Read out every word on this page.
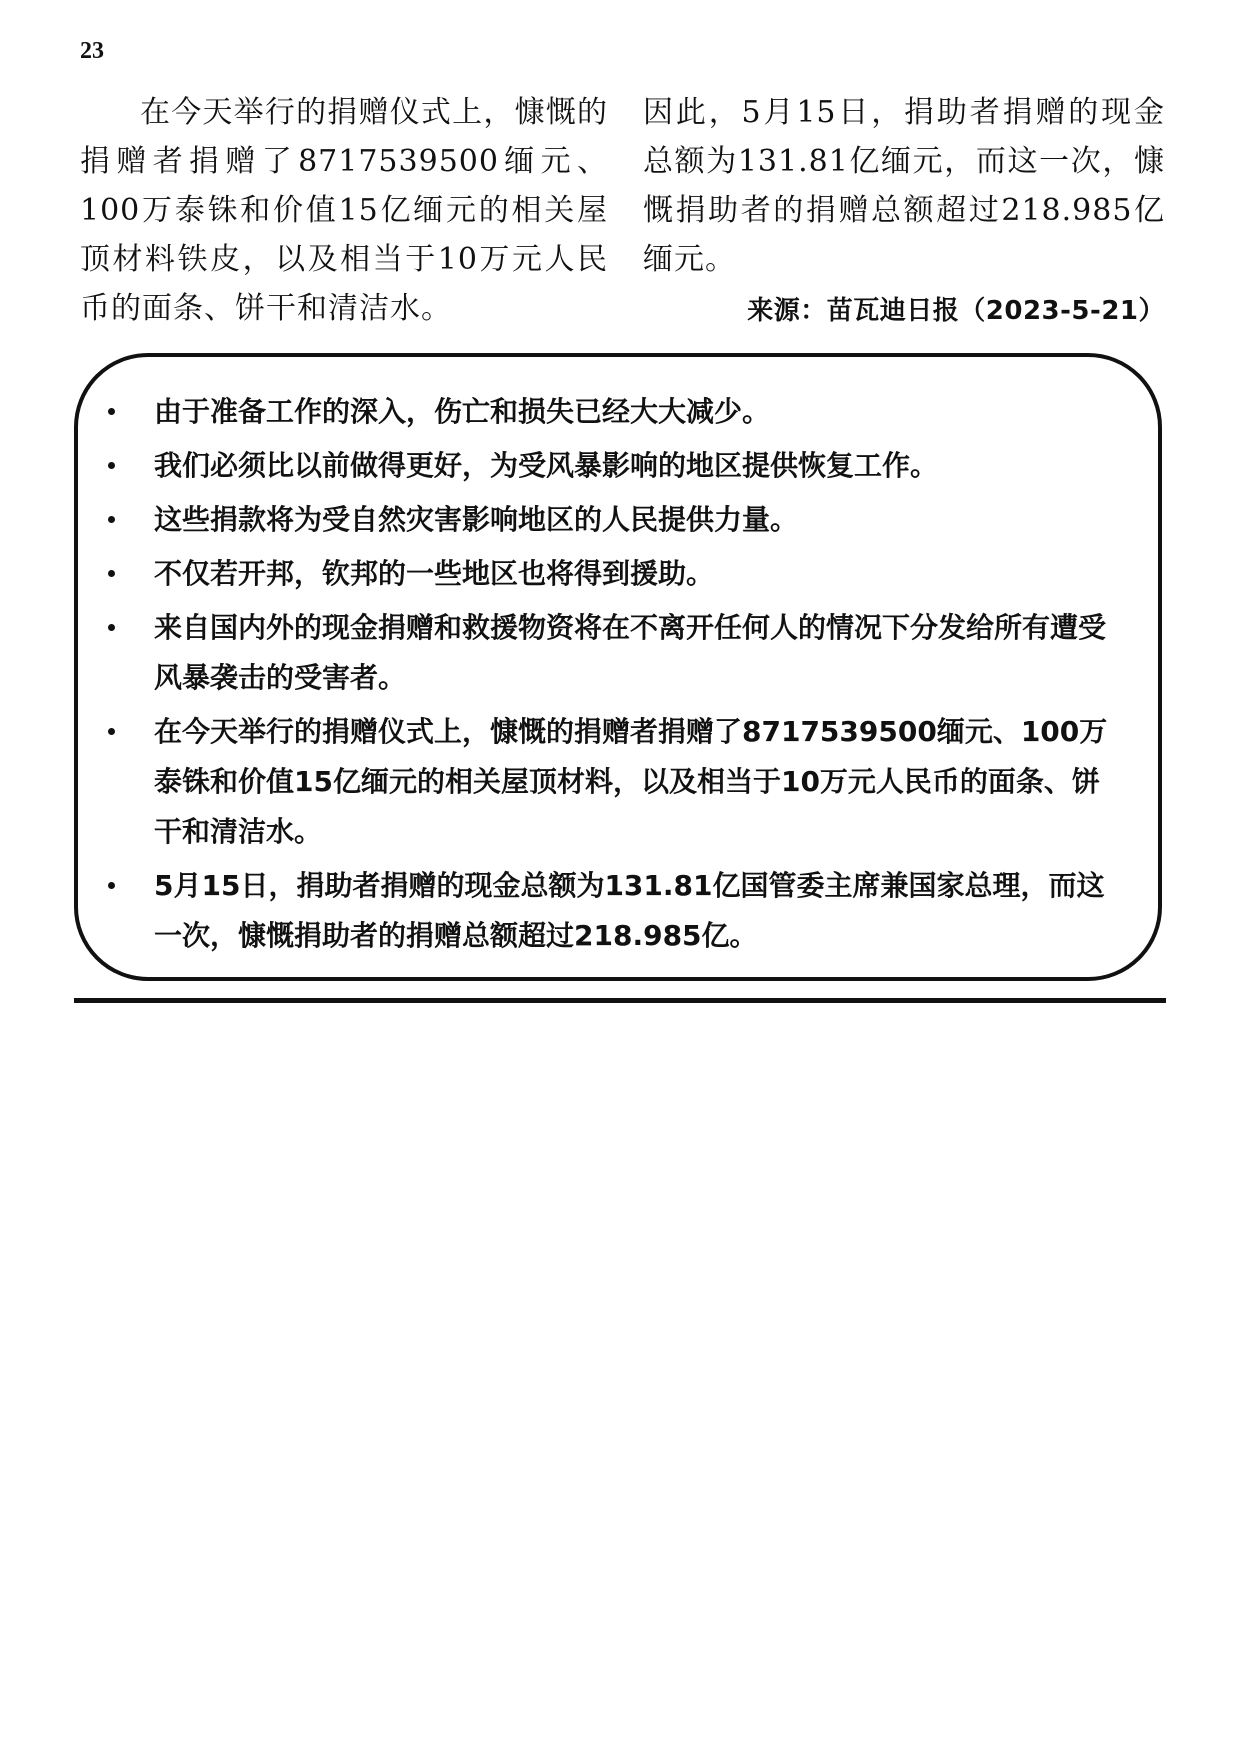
23
在今天举行的捐赠仪式上，慷慨的捐赠者捐赠了8717539500缅元、100万泰铢和价值15亿缅元的相关屋顶材料铁皮，以及相当于10万元人民币的面条、饼干和清洁水。
因此，5月15日，捐助者捐赠的现金总额为131.81亿缅元，而这一次，慷慨捐助者的捐赠总额超过218.985亿缅元。
来源：苗瓦迪日报（2023-5-21）
由于准备工作的深入，伤亡和损失已经大大减少。
我们必须比以前做得更好，为受风暴影响的地区提供恢复工作。
这些捐款将为受自然灾害影响地区的人民提供力量。
不仅若开邦，钦邦的一些地区也将得到援助。
来自国内外的现金捐赠和救援物资将在不离开任何人的情况下分发给所有遭受风暴袭击的受害者。
在今天举行的捐赠仪式上，慷慨的捐赠者捐赠了8717539500缅元、100万泰铢和价值15亿缅元的相关屋顶材料，以及相当于10万元人民币的面条、饼干和清洁水。
5月15日，捐助者捐赠的现金总额为131.81亿国管委主席兼国家总理，而这一次，慷慨捐助者的捐赠总额超过218.985亿。
